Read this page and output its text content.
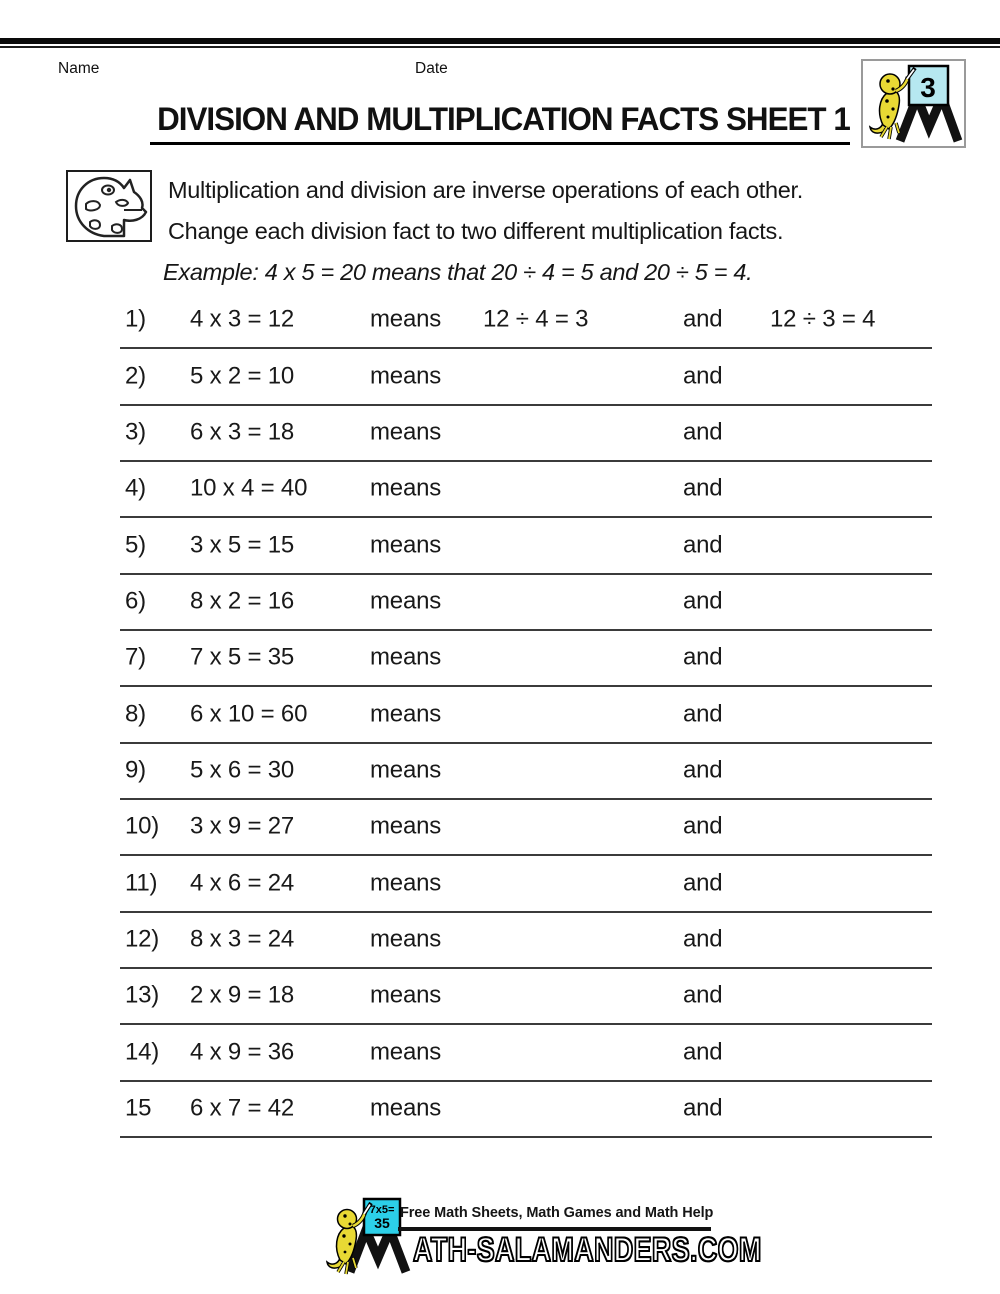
Name	Date
3
DIVISION AND MULTIPLICATION FACTS SHEET 1
Multiplication and division are inverse operations of each other.
Change each division fact to two different multiplication facts.
Example: 4 x 5 = 20 means that 20 ÷ 4 = 5 and 20 ÷ 5 = 4.
1) 4 x 3 = 12	means 12 ÷ 4 = 3	and 12 ÷ 3 = 4
2) 5 x 2 = 10	means	and
3) 6 x 3 = 18	means	and
4) 10 x 4 = 40	means	and
5) 3 x 5 = 15	means	and
6) 8 x 2 = 16	means	and
7) 7 x 5 = 35	means	and
8) 6 x 10 = 60	means	and
9) 5 x 6 = 30	means	and
10) 3 x 9 = 27	means	and
11) 4 x 6 = 24	means	and
12) 8 x 3 = 24	means	and
13) 2 x 9 = 18	means	and
14) 4 x 9 = 36	means	and
15 6 x 7 = 42	means	and
7x5=
35
Free Math Sheets, Math Games and Math Help
ATH-SALAMANDERS.COM
